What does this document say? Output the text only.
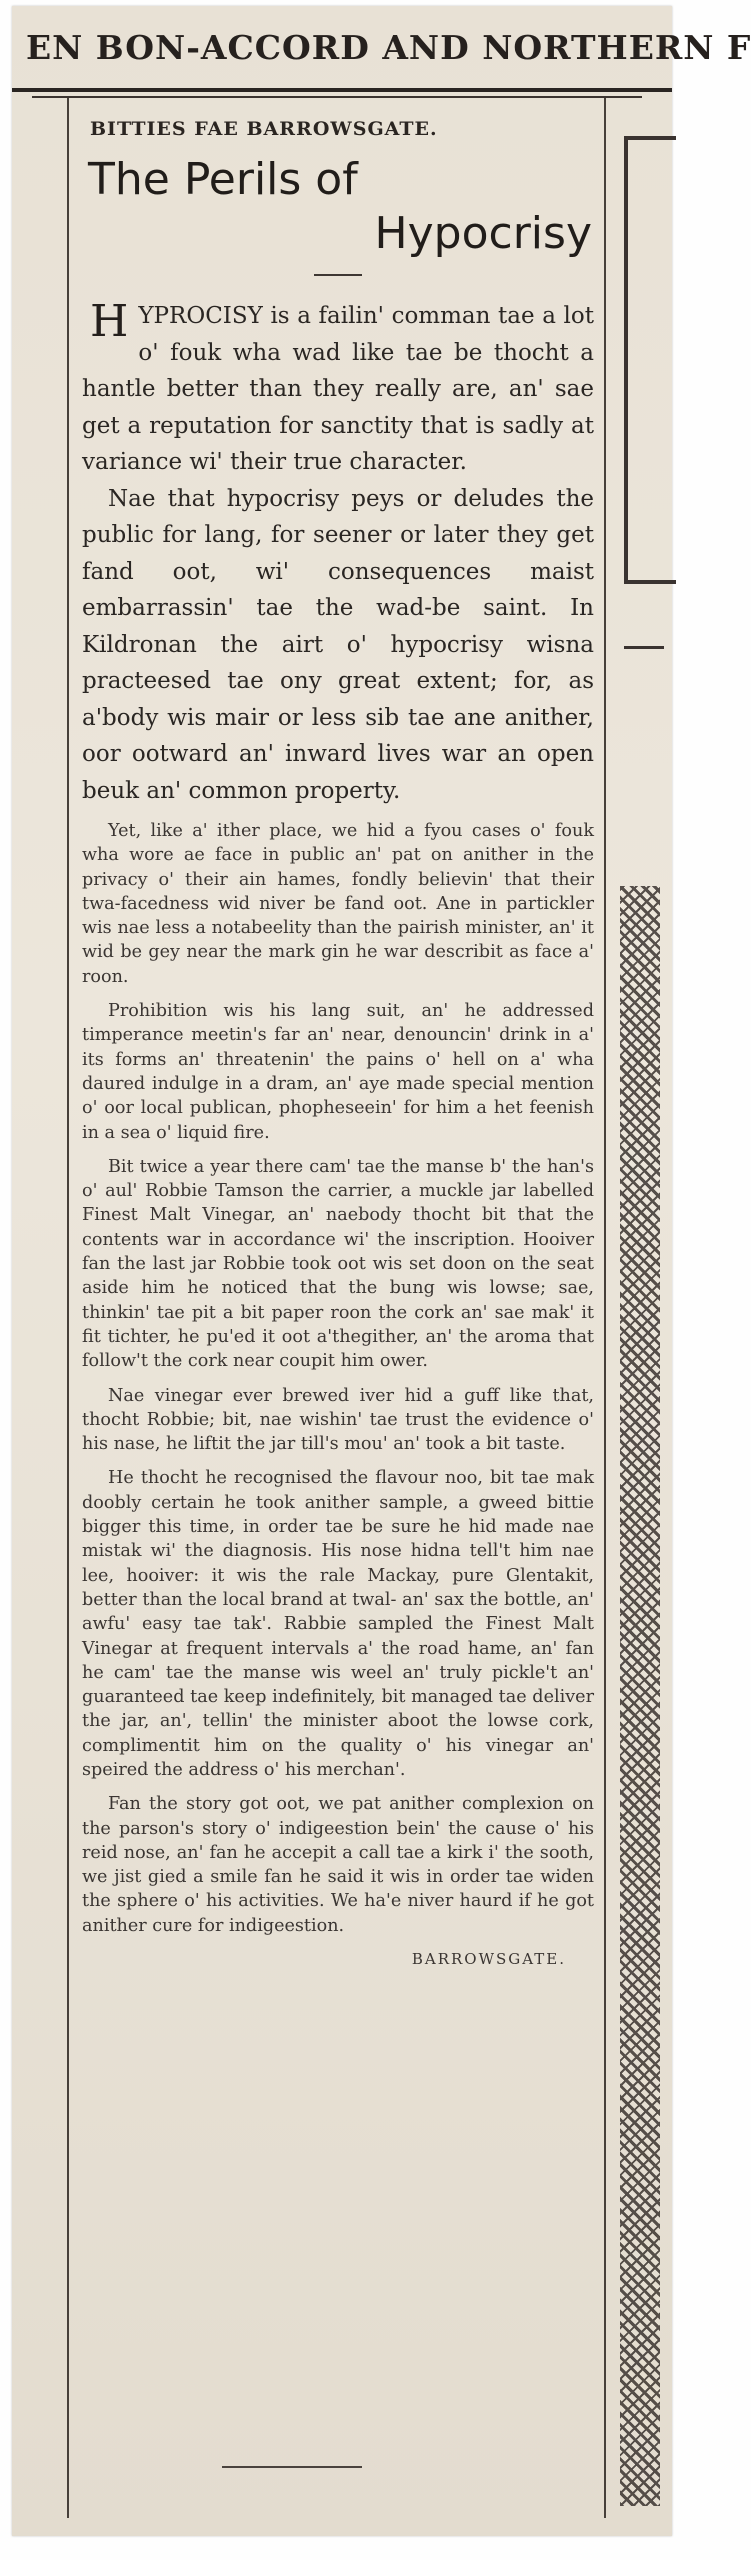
EN BON-ACCORD AND NORTHERN F
BITTIES FAE BARROWSGATE.
The Perils of
Hypocrisy

HYPROCISY is a failin' comman tae a lot o' fouk wha wad like tae be thocht a hantle better than they really are, an' sae get a reputation for sanctity that is sadly at variance wi' their true character.

Nae that hypocrisy peys or deludes the public for lang, for seener or later they get fand oot, wi' consequences maist embarrassin' tae the wad-be saint. In Kildronan the airt o' hypocrisy wisna practeesed tae ony great extent; for, as a'body wis mair or less sib tae ane anither, oor ootward an' inward lives war an open beuk an' common property.

Yet, like a' ither place, we hid a fyou cases o' fouk wha wore ae face in public an' pat on anither in the privacy o' their ain hames, fondly believin' that their twa-facedness wid niver be fand oot. Ane in partickler wis nae less a notabeelity than the pairish minister, an' it wid be gey near the mark gin he war describit as face a' roon.

Prohibition wis his lang suit, an' he addressed timperance meetin's far an' near, denouncin' drink in a' its forms an' threatenin' the pains o' hell on a' wha daured indulge in a dram, an' aye made special mention o' oor local publican, phopheseein' for him a het feenish in a sea o' liquid fire.

Bit twice a year there cam' tae the manse b' the han's o' aul' Robbie Tamson the carrier, a muckle jar labelled Finest Malt Vinegar, an' naebody thocht bit that the contents war in accordance wi' the inscription. Hooiver fan the last jar Robbie took oot wis set doon on the seat aside him he noticed that the bung wis lowse; sae, thinkin' tae pit a bit paper roon the cork an' sae mak' it fit tichter, he pu'ed it oot a'thegither, an' the aroma that follow't the cork near coupit him ower.

Nae vinegar ever brewed iver hid a guff like that, thocht Robbie; bit, nae wishin' tae trust the evidence o' his nase, he liftit the jar till's mou' an' took a bit taste.

He thocht he recognised the flavour noo, bit tae mak doobly certain he took anither sample, a gweed bittie bigger this time, in order tae be sure he hid made nae mistak wi' the diagnosis. His nose hidna tell't him nae lee, hooiver: it wis the rale Mackay, pure Glentakit, better than the local brand at twal- an' sax the bottle, an' awfu' easy tae tak'. Rabbie sampled the Finest Malt Vinegar at frequent intervals a' the road hame, an' fan he cam' tae the manse wis weel an' truly pickle't an' guaranteed tae keep indefinitely, bit managed tae deliver the jar, an', tellin' the minister aboot the lowse cork, complimentit him on the quality o' his vinegar an' speired the address o' his merchan'.

Fan the story got oot, we pat anither complexion on the parson's story o' indigeestion bein' the cause o' his reid nose, an' fan he accepit a call tae a kirk i' the sooth, we jist gied a smile fan he said it wis in order tae widen the sphere o' his activities. We ha'e niver haurd if he got anither cure for indigeestion.

BARROWSGATE.
